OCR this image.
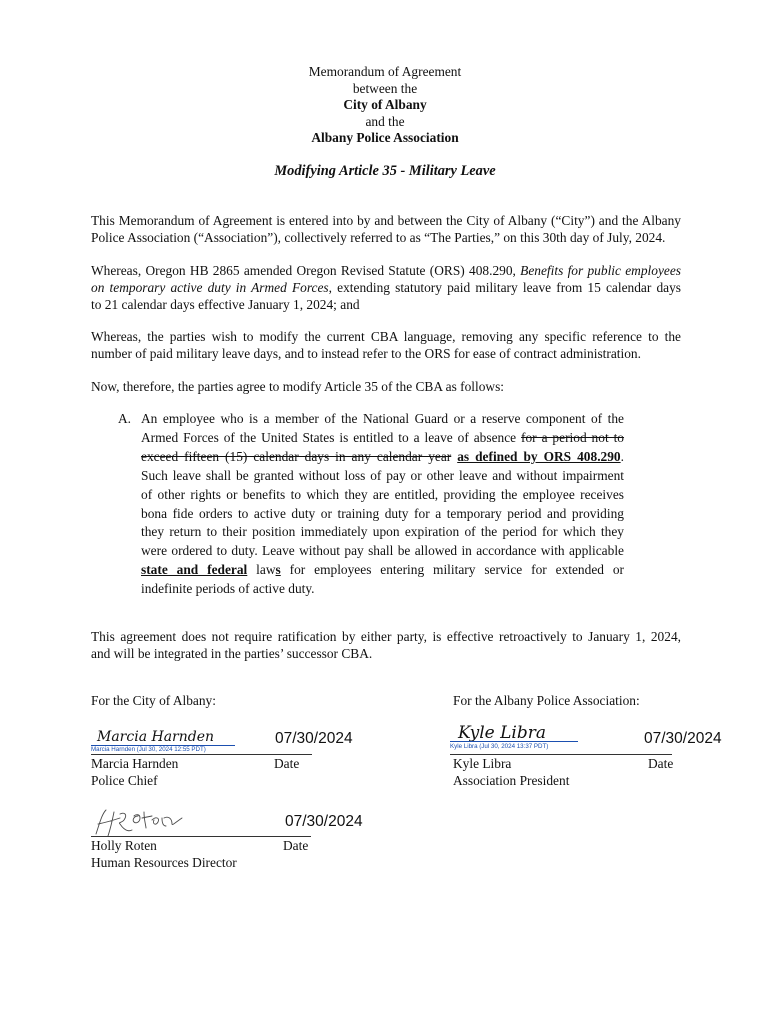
Memorandum of Agreement
between the
City of Albany
and the
Albany Police Association
Modifying Article 35 - Military Leave
This Memorandum of Agreement is entered into by and between the City of Albany (“City”) and the Albany
Police Association (“Association”), collectively referred to as “The Parties,” on this 30th day of July, 2024.
Whereas, Oregon HB 2865 amended Oregon Revised Statute (ORS) 408.290, Benefits for public employees
on temporary active duty in Armed Forces, extending statutory paid military leave from 15 calendar days
to 21 calendar days effective January 1, 2024; and
Whereas, the parties wish to modify the current CBA language, removing any specific reference to the
number of paid military leave days, and to instead refer to the ORS for ease of contract administration.
Now, therefore, the parties agree to modify Article 35 of the CBA as follows:
A. An employee who is a member of the National Guard or a reserve component of the
Armed Forces of the United States is entitled to a leave of absence for a period not to
exceed fifteen (15) calendar days in any calendar year as defined by ORS 408.290.
Such leave shall be granted without loss of pay or other leave and without impairment
of other rights or benefits to which they are entitled, providing the employee receives
bona fide orders to active duty or training duty for a temporary period and providing
they return to their position immediately upon expiration of the period for which they
were ordered to duty. Leave without pay shall be allowed in accordance with applicable
state and federal laws for employees entering military service for extended or
indefinite periods of active duty.
This agreement does not require ratification by either party, is effective retroactively to January 1, 2024,
and will be integrated in the parties’ successor CBA.
For the City of Albany:	For the Albany Police Association:
Marcia Harnden
Marcia Harnden (Jul 30, 2024 12:55 PDT)
07/30/2024
Marcia Harnden
Police Chief
Date
Kyle Libra
Kyle Libra (Jul 30, 2024 13:37 PDT)	07/30/2024
Kyle Libra
Association President
Date
07/30/2024
Holly Roten
Human Resources Director
Date
